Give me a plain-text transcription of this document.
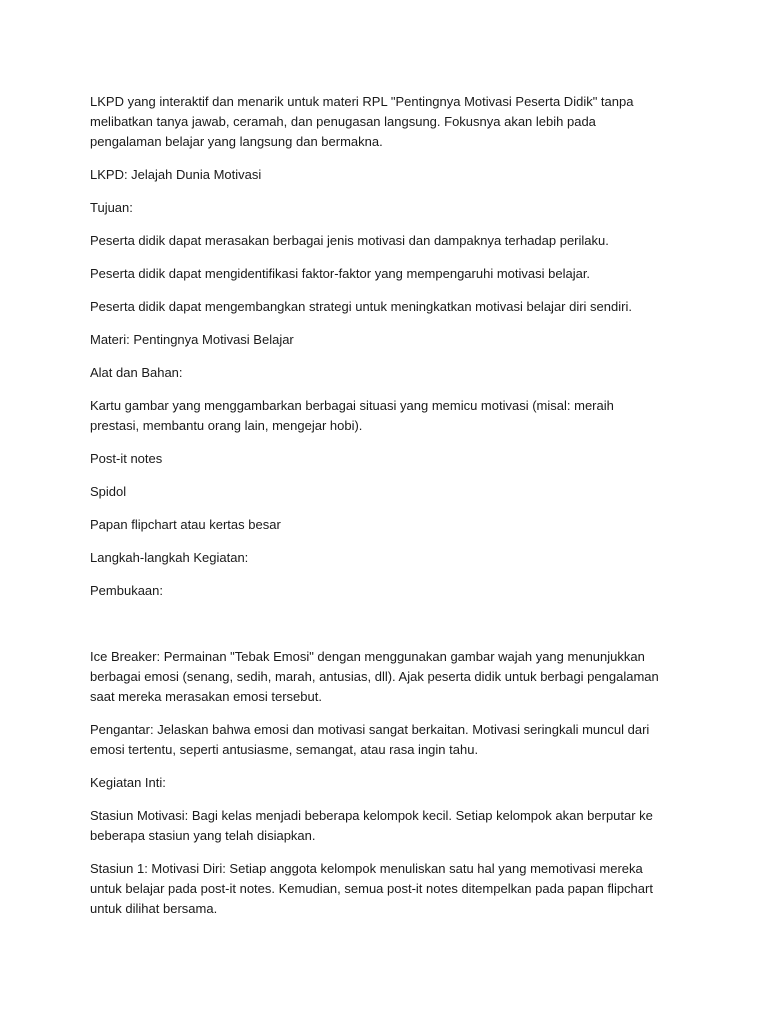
LKPD yang interaktif dan menarik untuk materi RPL "Pentingnya Motivasi Peserta Didik" tanpa melibatkan tanya jawab, ceramah, dan penugasan langsung. Fokusnya akan lebih pada pengalaman belajar yang langsung dan bermakna.

LKPD: Jelajah Dunia Motivasi

Tujuan:

Peserta didik dapat merasakan berbagai jenis motivasi dan dampaknya terhadap perilaku.

Peserta didik dapat mengidentifikasi faktor-faktor yang mempengaruhi motivasi belajar.

Peserta didik dapat mengembangkan strategi untuk meningkatkan motivasi belajar diri sendiri.

Materi: Pentingnya Motivasi Belajar

Alat dan Bahan:

Kartu gambar yang menggambarkan berbagai situasi yang memicu motivasi (misal: meraih prestasi, membantu orang lain, mengejar hobi).

Post-it notes

Spidol

Papan flipchart atau kertas besar

Langkah-langkah Kegiatan:

Pembukaan:

Ice Breaker: Permainan "Tebak Emosi" dengan menggunakan gambar wajah yang menunjukkan berbagai emosi (senang, sedih, marah, antusias, dll). Ajak peserta didik untuk berbagi pengalaman saat mereka merasakan emosi tersebut.

Pengantar: Jelaskan bahwa emosi dan motivasi sangat berkaitan. Motivasi seringkali muncul dari emosi tertentu, seperti antusiasme, semangat, atau rasa ingin tahu.

Kegiatan Inti:

Stasiun Motivasi: Bagi kelas menjadi beberapa kelompok kecil. Setiap kelompok akan berputar ke beberapa stasiun yang telah disiapkan.

Stasiun 1: Motivasi Diri: Setiap anggota kelompok menuliskan satu hal yang memotivasi mereka untuk belajar pada post-it notes. Kemudian, semua post-it notes ditempelkan pada papan flipchart untuk dilihat bersama.
